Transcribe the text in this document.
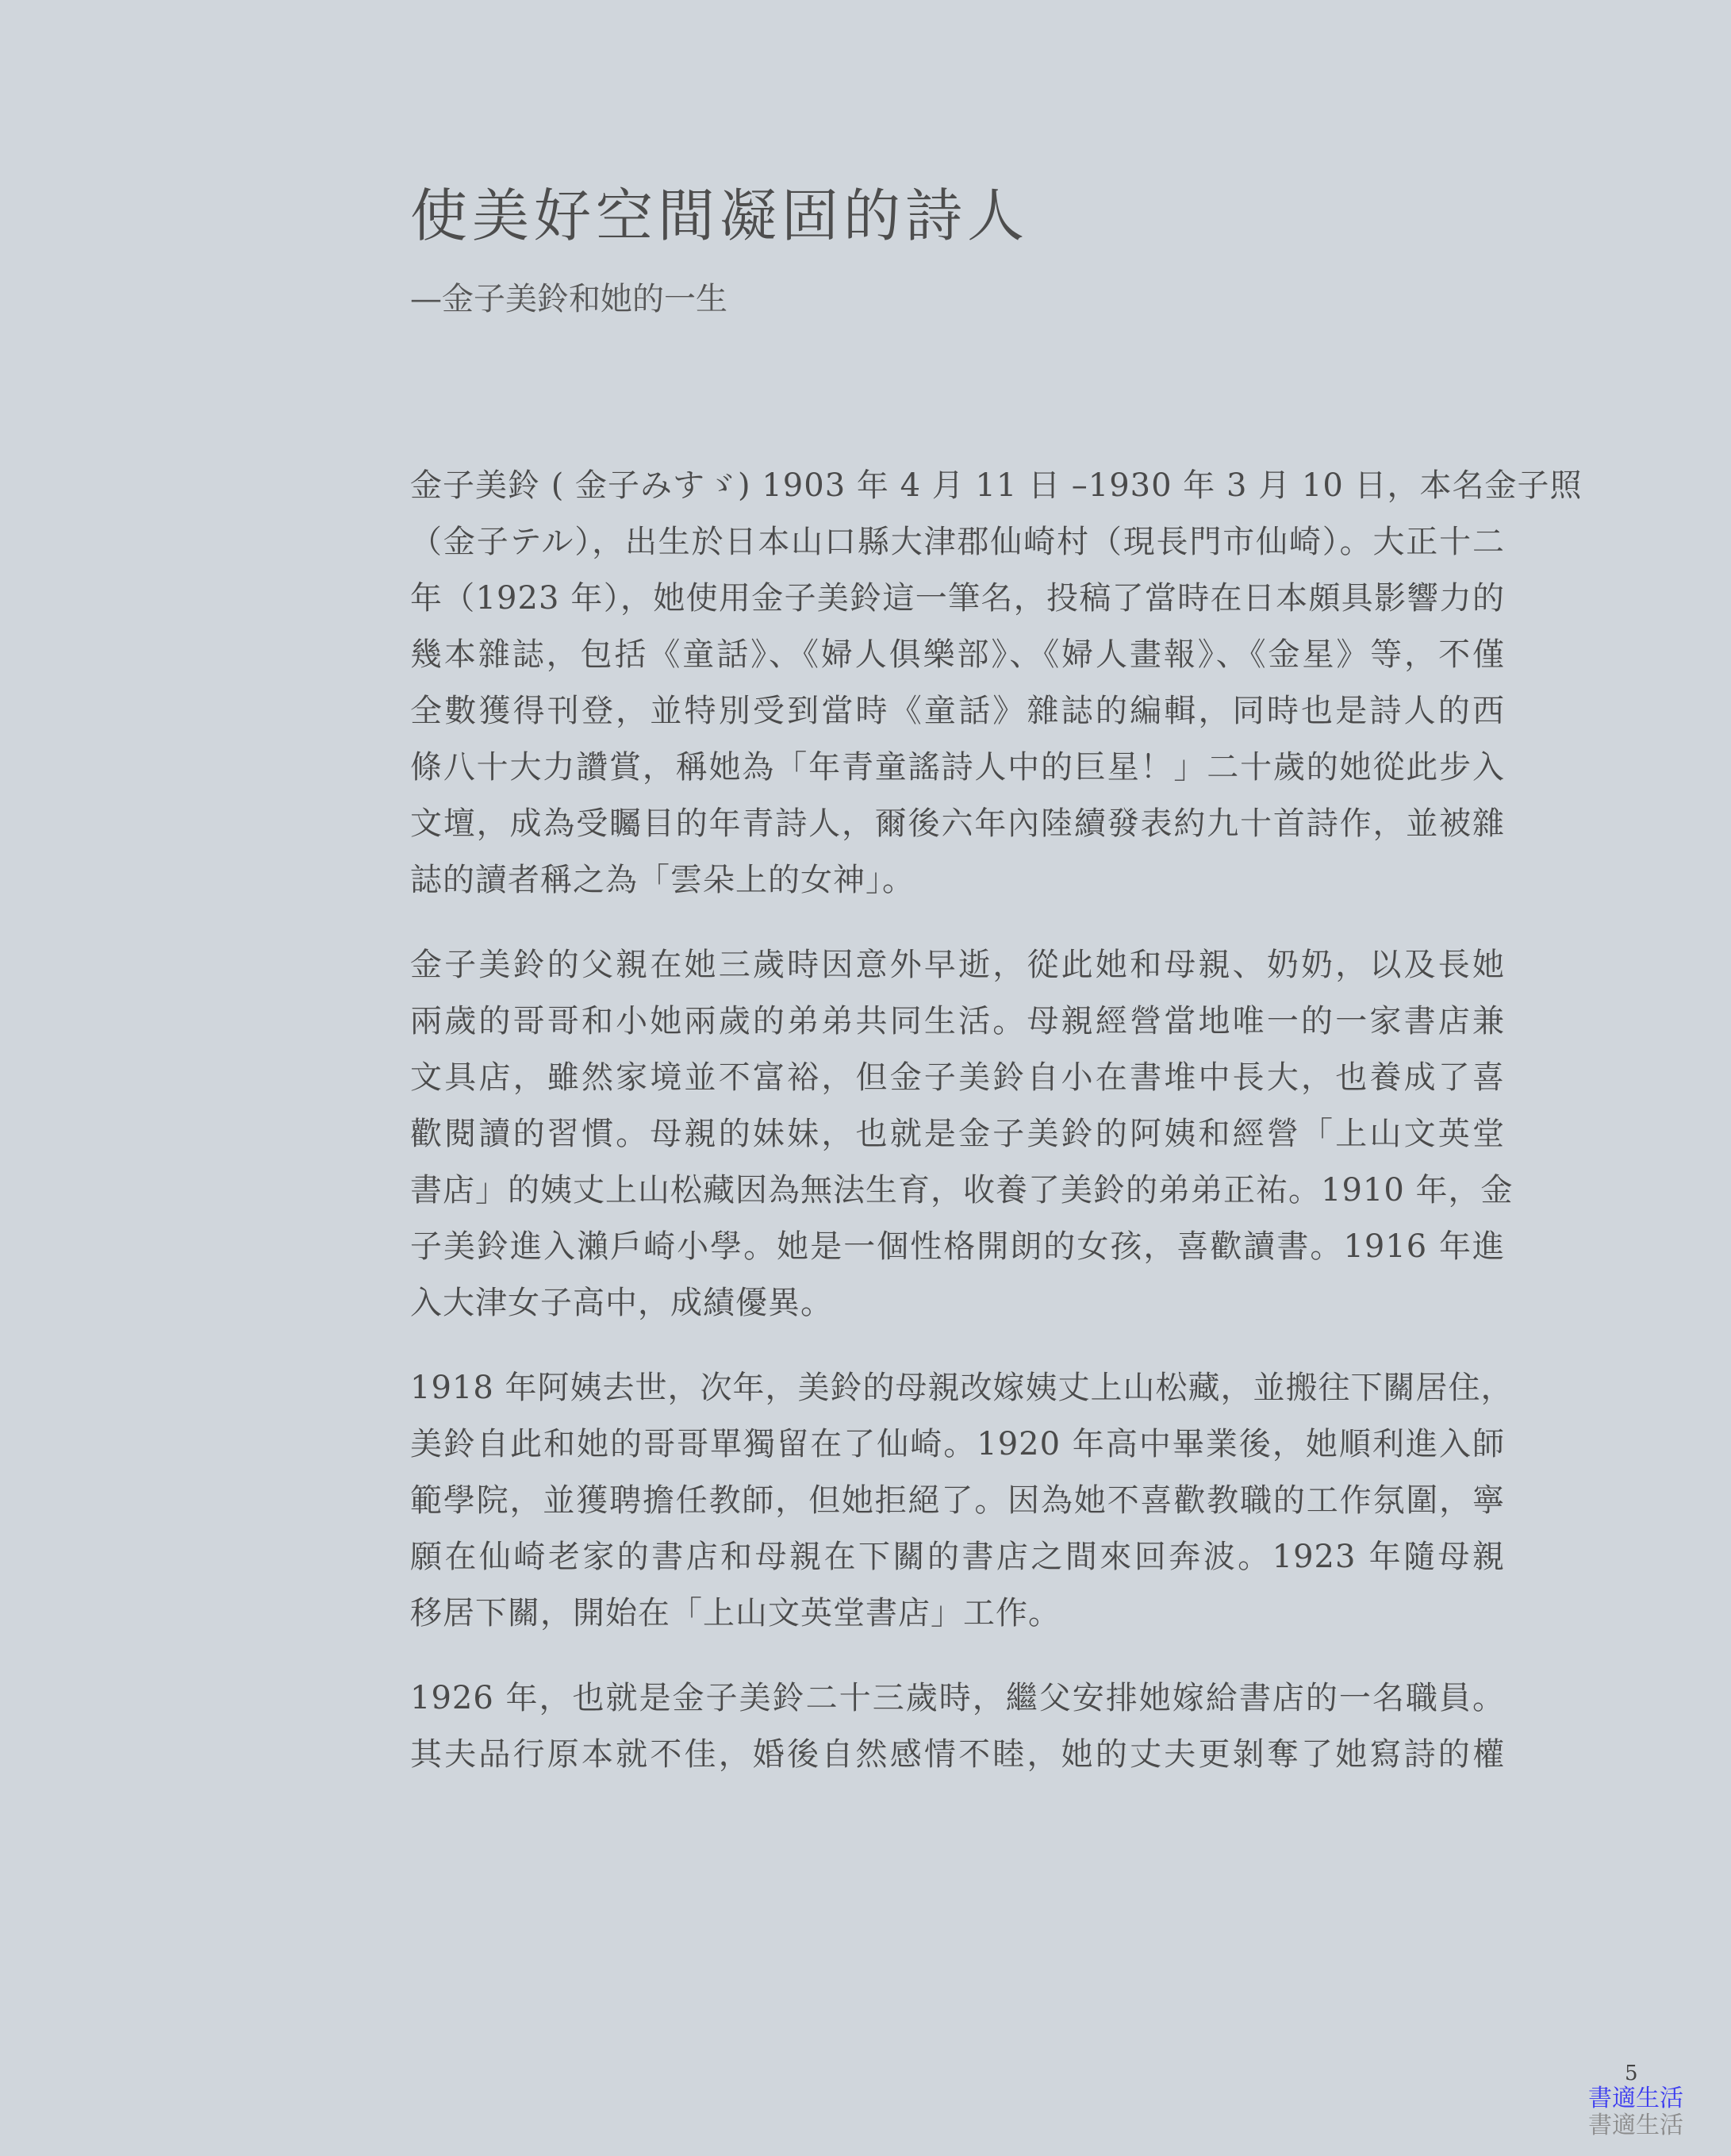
使美好空間凝固的詩人
—金子美鈴和她的一生
金子美鈴 ( 金子みすゞ) 1903 年 4 月 11 日 –1930 年 3 月 10 日，本名金子照
（金子テル），出生於日本山口縣大津郡仙崎村（現長門市仙崎）。大正十二
年（1923 年），她使用金子美鈴這一筆名，投稿了當時在日本頗具影響力的
幾本雜誌，包括《童話》、《婦人俱樂部》、《婦人畫報》、《金星》等，不僅
全數獲得刊登，並特別受到當時《童話》雜誌的編輯，同時也是詩人的西
條八十大力讚賞，稱她為「年青童謠詩人中的巨星！」二十歲的她從此步入
文壇，成為受矚目的年青詩人，爾後六年內陸續發表約九十首詩作，並被雜
誌的讀者稱之為「雲朵上的女神」。
金子美鈴的父親在她三歲時因意外早逝，從此她和母親、奶奶，以及長她
兩歲的哥哥和小她兩歲的弟弟共同生活。母親經營當地唯一的一家書店兼
文具店，雖然家境並不富裕，但金子美鈴自小在書堆中長大，也養成了喜
歡閱讀的習慣。母親的妹妹，也就是金子美鈴的阿姨和經營「上山文英堂
書店」的姨丈上山松藏因為無法生育，收養了美鈴的弟弟正祐。1910 年，金
子美鈴進入瀨戶崎小學。她是一個性格開朗的女孩，喜歡讀書。1916 年進
入大津女子高中，成績優異。
1918 年阿姨去世，次年，美鈴的母親改嫁姨丈上山松藏，並搬往下關居住，
美鈴自此和她的哥哥單獨留在了仙崎。1920 年高中畢業後，她順利進入師
範學院，並獲聘擔任教師，但她拒絕了。因為她不喜歡教職的工作氛圍，寧
願在仙崎老家的書店和母親在下關的書店之間來回奔波。1923 年隨母親
移居下關，開始在「上山文英堂書店」工作。
1926 年，也就是金子美鈴二十三歲時，繼父安排她嫁給書店的一名職員。
其夫品行原本就不佳，婚後自然感情不睦，她的丈夫更剝奪了她寫詩的權
5
書適生活
書適生活
